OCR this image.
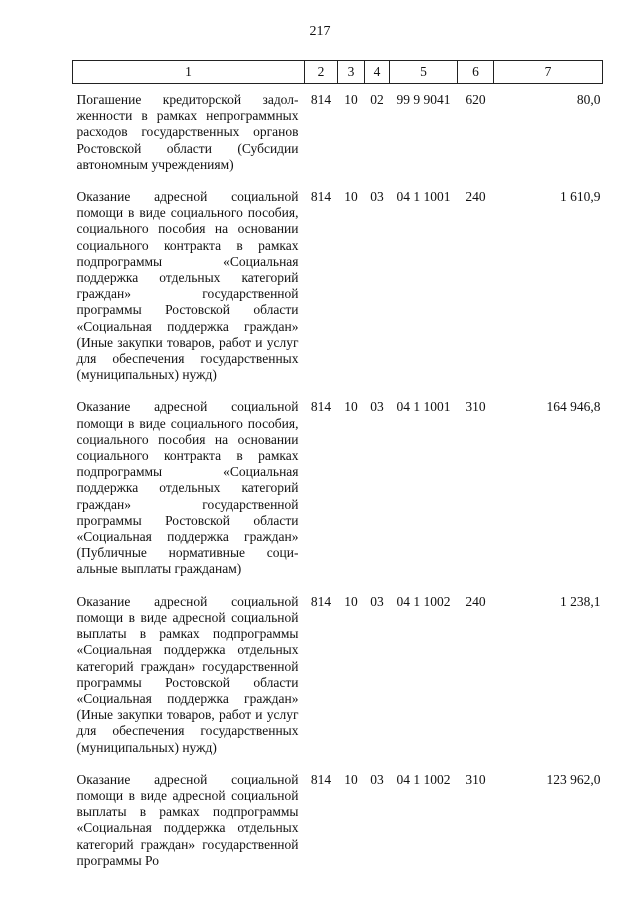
217
1	2	3	4	5	6	7
Погашение кредиторской задолженности в рамках непрограммных расходов государственных органов Ростовской области (Субсидии автономным учреждениям)	814	10	02	99 9 9041	620	80,0
Оказание адресной социальной помощи в виде социального пособия, социального пособия на основании социального контракта в рамках подпрограммы «Социальная поддержка отдельных категорий граждан» государственной программы Ростовской области «Социальная поддержка граждан» (Иные закупки товаров, работ и услуг для обеспечения государственных (муниципальных) нужд)	814	10	03	04 1 1001	240	1 610,9
Оказание адресной социальной помощи в виде социального пособия, социального пособия на основании социального контракта в рамках подпрограммы «Социальная поддержка отдельных категорий граждан» государственной программы Ростовской области «Социальная поддержка граждан» (Публичные нормативные социальные выплаты гражданам)	814	10	03	04 1 1001	310	164 946,8
Оказание адресной социальной помощи в виде адресной социальной выплаты в рамках подпрограммы «Социальная поддержка отдельных категорий граждан» государственной программы Ростовской области «Социальная поддержка граждан» (Иные закупки товаров, работ и услуг для обеспечения государственных (муниципальных) нужд)	814	10	03	04 1 1002	240	1 238,1
Оказание адресной социальной помощи в виде адресной социальной выплаты в рамках подпрограммы «Социальная поддержка отдельных категорий граждан» государственной программы Ро	814	10	03	04 1 1002	310	123 962,0
